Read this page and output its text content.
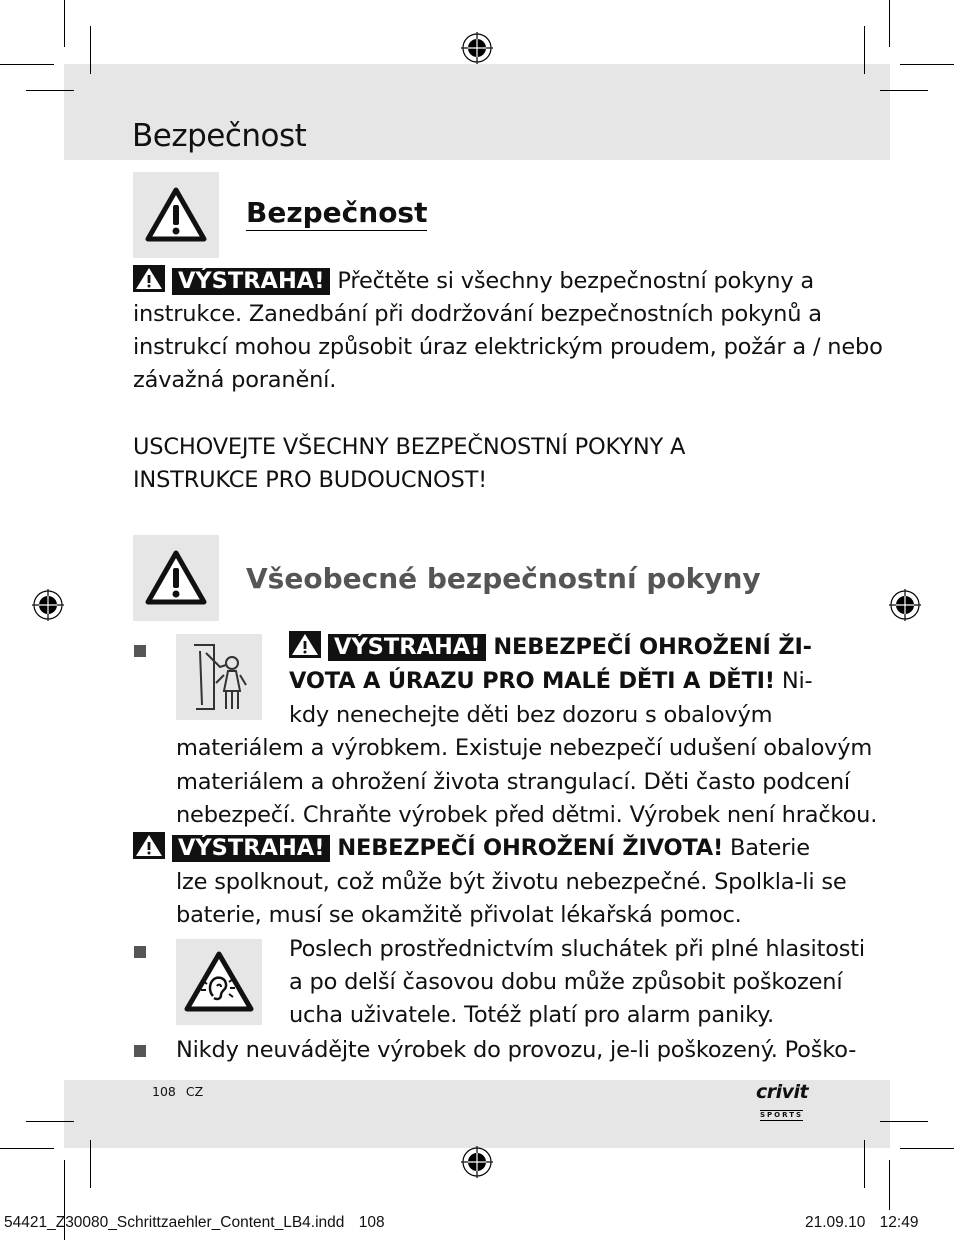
Bezpečnost
Bezpečnost
VÝSTRAHA! Přečtěte si všechny bezpečnostní pokyny a
instrukce. Zanedbání při dodržování bezpečnostních pokynů a
instrukcí mohou způsobit úraz elektrickým proudem, požár a / nebo
závažná poranění.
USCHOVEJTE VŠECHNY BEZPEČNOSTNÍ POKYNY A
INSTRUKCE PRO BUDOUCNOST!
Všeobecné bezpečnostní pokyny
VÝSTRAHA! NEBEZPEČÍ OHROŽENÍ ŽI-
VOTA A ÚRAZU PRO MALÉ DĚTI A DĚTI! Ni-
kdy nenechejte děti bez dozoru s obalovým
materiálem a výrobkem. Existuje nebezpečí udušení obalovým
materiálem a ohrožení života strangulací. Děti často podcení
nebezpečí. Chraňte výrobek před dětmi. Výrobek není hračkou.
VÝSTRAHA! NEBEZPEČÍ OHROŽENÍ ŽIVOTA! Baterie
lze spolknout, což může být životu nebezpečné. Spolkla-li se
baterie, musí se okamžitě přivolat lékařská pomoc.
Poslech prostřednictvím sluchátek při plné hlasitosti
a po delší časovou dobu může způsobit poškození
ucha uživatele. Totéž platí pro alarm paniky.
Nikdy neuvádějte výrobek do provozu, je-li poškozený. Poško-
108 CZ	crivit
SPORTS
54421_Z30080_Schrittzaehler_Content_LB4.indd 108	21.09.10 12:49
